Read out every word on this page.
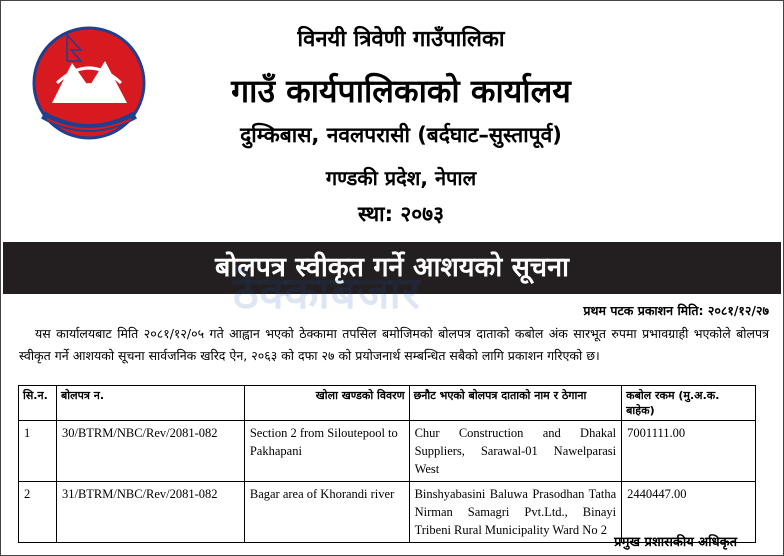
विनयी त्रिवेणी गाउँपालिका
गाउँ कार्यपालिकाको कार्यालय
दुम्किबास, नवलपरासी (बर्दघाट–सुस्तापूर्व)
गण्डकी प्रदेश, नेपाल
स्था: २०७३
बोलपत्र स्वीकृत गर्ने आशयको सूचना
ठेक्काबजार	प्रथम पटक प्रकाशन मिति: २०८१/१२/२७
यस कार्यालयबाट मिति २०८१/१२/०५ गते आह्वान भएको ठेक्कामा तपसिल बमोजिमको बोलपत्र दाताको कबोल अंक सारभूत रुपमा प्रभावग्राही भएकोले बोलपत्र स्वीकृत गर्ने आशयको सूचना सार्वजनिक खरिद ऐन, २०६३ को दफा २७ को प्रयोजनार्थ सम्बन्धित सबैको लागि प्रकाशन गरिएको छ।
सि.न.	बोलपत्र न.	खोला खण्डको विवरण	छनौट भएको बोलपत्र दाताको नाम र ठेगाना	कबोल रकम (मु.अ.क. बाहेक)
1	30/BTRM/NBC/Rev/2081-082	Section 2 from Siloutepool to Pakhapani	Chur Construction and Dhakal Suppliers, Sarawal-01 Nawelparasi West	7001111.00
2	31/BTRM/NBC/Rev/2081-082	Bagar area of Khorandi river	Binshyabasini Baluwa Prasodhan Tatha Nirman Samagri Pvt.Ltd., Binayi Tribeni Rural Municipality Ward No 2	2440447.00
प्रमुख प्रशासकीय अधिकृत
